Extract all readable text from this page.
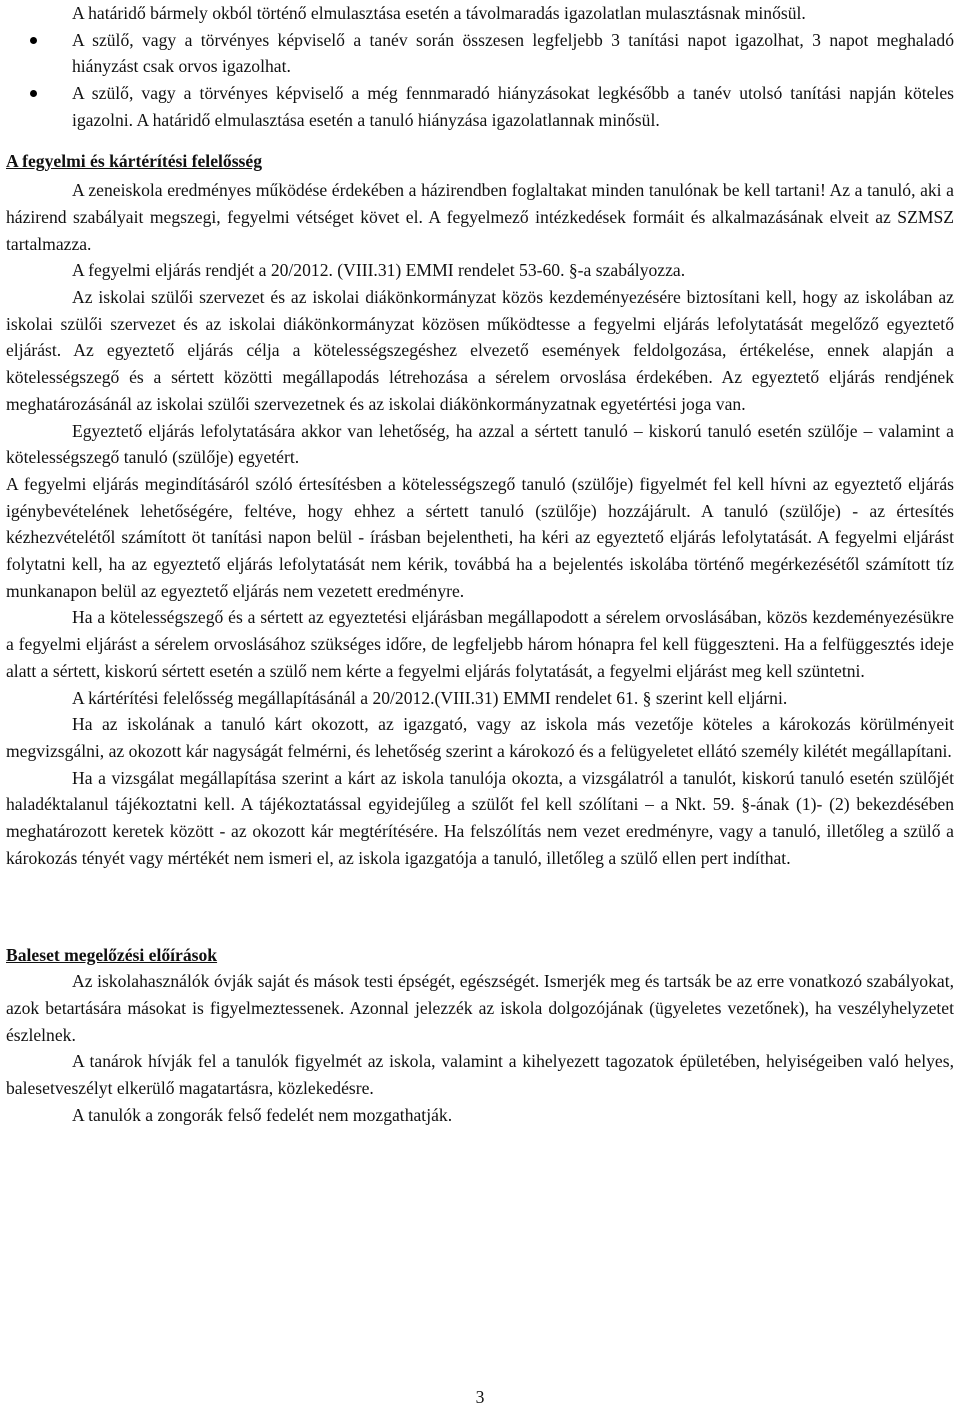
A határidő bármely okból történő elmulasztása esetén a távolmaradás igazolatlan mulasztásnak minősül.

A szülő, vagy a törvényes képviselő a tanév során összesen legfeljebb 3 tanítási napot igazolhat, 3 napot meghaladó hiányzást csak orvos igazolhat.
A szülő, vagy a törvényes képviselő a még fennmaradó hiányzásokat legkésőbb a tanév utolsó tanítási napján köteles igazolni. A határidő elmulasztása esetén a tanuló hiányzása igazolatlannak minősül.
A fegyelmi és kártérítési felelősség

A zeneiskola eredményes működése érdekében a házirendben foglaltakat minden tanulónak be kell tartani! Az a tanuló, aki a házirend szabályait megszegi, fegyelmi vétséget követ el. A fegyelmező intézkedések formáit és alkalmazásának elveit az SZMSZ tartalmazza.

A fegyelmi eljárás rendjét a 20/2012. (VIII.31) EMMI rendelet 53-60. §-a szabályozza.

Az iskolai szülői szervezet és az iskolai diákönkormányzat közös kezdeményezésére biztosítani kell, hogy az iskolában az iskolai szülői szervezet és az iskolai diákönkormányzat közösen működtesse a fegyelmi eljárás lefolytatását megelőző egyeztető eljárást. Az egyeztető eljárás célja a kötelességszegéshez elvezető események feldolgozása, értékelése, ennek alapján a kötelességszegő és a sértett közötti megállapodás létrehozása a sérelem orvoslása érdekében. Az egyeztető eljárás rendjének meghatározásánál az iskolai szülői szervezetnek és az iskolai diákönkormányzatnak egyetértési joga van.

Egyeztető eljárás lefolytatására akkor van lehetőség, ha azzal a sértett tanuló – kiskorú tanuló esetén szülője – valamint a kötelességszegő tanuló (szülője) egyetért.

A fegyelmi eljárás megindításáról szóló értesítésben a kötelességszegő tanuló (szülője) figyelmét fel kell hívni az egyeztető eljárás igénybevételének lehetőségére, feltéve, hogy ehhez a sértett tanuló (szülője) hozzájárult. A tanuló (szülője) - az értesítés kézhezvételétől számított öt tanítási napon belül - írásban bejelentheti, ha kéri az egyeztető eljárás lefolytatását. A fegyelmi eljárást folytatni kell, ha az egyeztető eljárás lefolytatását nem kérik, továbbá ha a bejelentés iskolába történő megérkezésétől számított tíz munkanapon belül az egyeztető eljárás nem vezetett eredményre.

Ha a kötelességszegő és a sértett az egyeztetési eljárásban megállapodott a sérelem orvoslásában, közös kezdeményezésükre a fegyelmi eljárást a sérelem orvoslásához szükséges időre, de legfeljebb három hónapra fel kell függeszteni. Ha a felfüggesztés ideje alatt a sértett, kiskorú sértett esetén a szülő nem kérte a fegyelmi eljárás folytatását, a fegyelmi eljárást meg kell szüntetni.

A kártérítési felelősség megállapításánál a 20/2012.(VIII.31) EMMI rendelet 61. § szerint kell eljárni.

Ha az iskolának a tanuló kárt okozott, az igazgató, vagy az iskola más vezetője köteles a károkozás körülményeit megvizsgálni, az okozott kár nagyságát felmérni, és lehetőség szerint a károkozó és a felügyeletet ellátó személy kilétét megállapítani.

Ha a vizsgálat megállapítása szerint a kárt az iskola tanulója okozta, a vizsgálatról a tanulót, kiskorú tanuló esetén szülőjét haladéktalanul tájékoztatni kell. A tájékoztatással egyidejűleg a szülőt fel kell szólítani – a Nkt. 59. §-ának (1)- (2) bekezdésében meghatározott keretek között - az okozott kár megtérítésére. Ha felszólítás nem vezet eredményre, vagy a tanuló, illetőleg a szülő a károkozás tényét vagy mértékét nem ismeri el, az iskola igazgatója a tanuló, illetőleg a szülő ellen pert indíthat.

Baleset megelőzési előírások

Az iskolahasználók óvják saját és mások testi épségét, egészségét. Ismerjék meg és tartsák be az erre vonatkozó szabályokat, azok betartására másokat is figyelmeztessenek. Azonnal jelezzék az iskola dolgozójának (ügyeletes vezetőnek), ha veszélyhelyzetet észlelnek.

A tanárok hívják fel a tanulók figyelmét az iskola, valamint a kihelyezett tagozatok épületében, helyiségeiben való helyes, balesetveszélyt elkerülő magatartásra, közlekedésre.

A tanulók a zongorák felső fedelét nem mozgathatják.

3
